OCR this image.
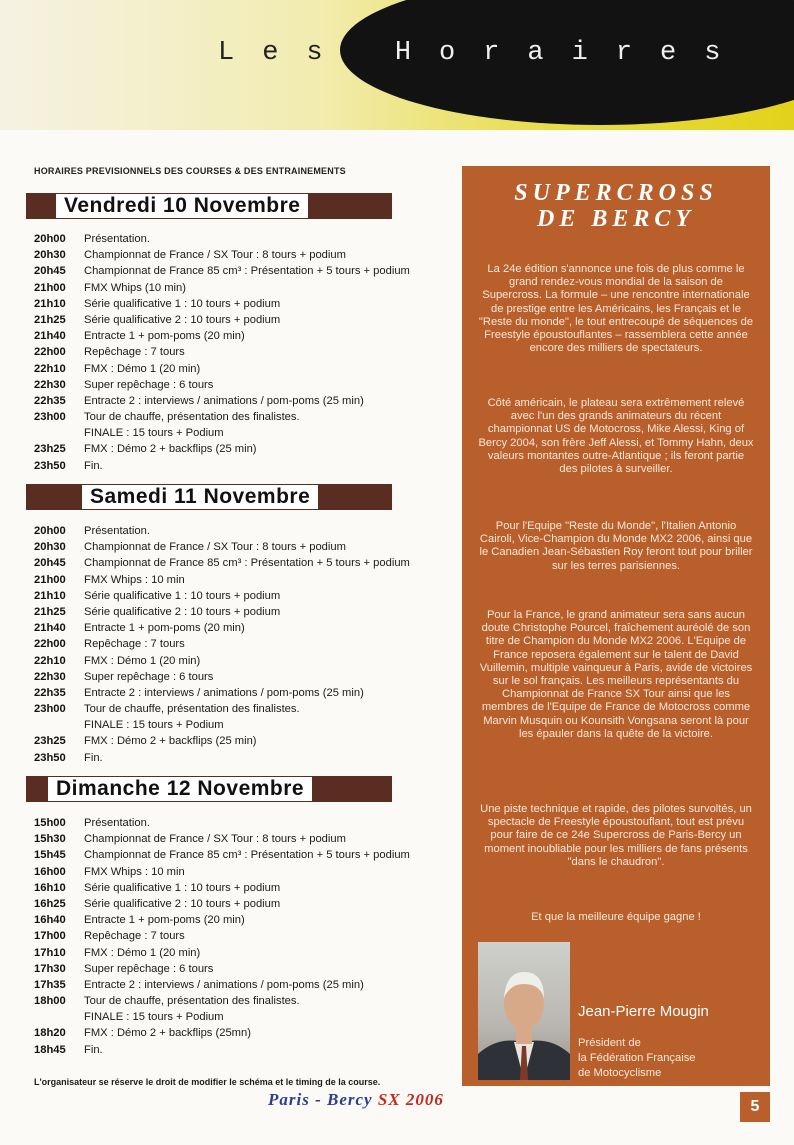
Les Horaires
HORAIRES PREVISIONNELS DES COURSES & DES ENTRAINEMENTS
Vendredi 10 Novembre
20h00 Présentation.
20h30 Championnat de France / SX Tour : 8 tours + podium
20h45 Championnat de France 85 cm³ : Présentation + 5 tours + podium
21h00 FMX Whips (10 min)
21h10 Série qualificative 1 : 10 tours + podium
21h25 Série qualificative 2 : 10 tours + podium
21h40 Entracte 1 + pom-poms (20 min)
22h00 Repêchage : 7 tours
22h10 FMX : Démo 1 (20 min)
22h30 Super repêchage : 6 tours
22h35 Entracte 2 : interviews / animations / pom-poms (25 min)
23h00 Tour de chauffe, présentation des finalistes.
FINALE : 15 tours + Podium
23h25 FMX : Démo 2 + backflips (25 min)
23h50 Fin.
Samedi 11 Novembre
20h00 Présentation.
20h30 Championnat de France / SX Tour : 8 tours + podium
20h45 Championnat de France 85 cm³ : Présentation + 5 tours + podium
21h00 FMX Whips : 10 min
21h10 Série qualificative 1 : 10 tours + podium
21h25 Série qualificative 2 : 10 tours + podium
21h40 Entracte 1 + pom-poms (20 min)
22h00 Repêchage : 7 tours
22h10 FMX : Démo 1 (20 min)
22h30 Super repêchage : 6 tours
22h35 Entracte 2 : interviews / animations / pom-poms (25 min)
23h00 Tour de chauffe, présentation des finalistes.
FINALE : 15 tours + Podium
23h25 FMX : Démo 2 + backflips (25 min)
23h50 Fin.
Dimanche 12 Novembre
15h00 Présentation.
15h30 Championnat de France / SX Tour : 8 tours + podium
15h45 Championnat de France 85 cm³ : Présentation + 5 tours + podium
16h00 FMX Whips : 10 min
16h10 Série qualificative 1 : 10 tours + podium
16h25 Série qualificative 2 : 10 tours + podium
16h40 Entracte 1 + pom-poms (20 min)
17h00 Repêchage : 7 tours
17h10 FMX : Démo 1 (20 min)
17h30 Super repêchage : 6 tours
17h35 Entracte 2 : interviews / animations / pom-poms (25 min)
18h00 Tour de chauffe, présentation des finalistes.
FINALE : 15 tours + Podium
18h20 FMX : Démo 2 + backflips (25mn)
18h45 Fin.
L'organisateur se réserve le droit de modifier le schéma et le timing de la course.
Paris - Bercy SX 2006	5
SUPERCROSS
DE BERCY
La 24e édition s'annonce une fois de plus comme le grand rendez-vous mondial de la saison de Supercross. La formule – une rencontre internationale de prestige entre les Américains, les Français et le "Reste du monde", le tout entrecoupé de séquences de Freestyle époustouflantes – rassemblera cette année encore des milliers de spectateurs.
Côté américain, le plateau sera extrêmement relevé avec l'un des grands animateurs du récent championnat US de Motocross, Mike Alessi, King of Bercy 2004, son frère Jeff Alessi, et Tommy Hahn, deux valeurs montantes outre-Atlantique ; ils feront partie des pilotes à surveiller.
Pour l'Equipe "Reste du Monde", l'Italien Antonio Cairoli, Vice-Champion du Monde MX2 2006, ainsi que le Canadien Jean-Sébastien Roy feront tout pour briller sur les terres parisiennes.
Pour la France, le grand animateur sera sans aucun doute Christophe Pourcel, fraîchement auréolé de son titre de Champion du Monde MX2 2006. L'Equipe de France reposera également sur le talent de David Vuillemin, multiple vainqueur à Paris, avide de victoires sur le sol français. Les meilleurs représentants du Championnat de France SX Tour ainsi que les membres de l'Equipe de France de Motocross comme Marvin Musquin ou Kounsith Vongsana seront là pour les épauler dans la quête de la victoire.
Une piste technique et rapide, des pilotes survoltés, un spectacle de Freestyle époustouflant, tout est prévu pour faire de ce 24e Supercross de Paris-Bercy un moment inoubliable pour les milliers de fans présents "dans le chaudron".
Et que la meilleure équipe gagne !
Jean-Pierre Mougin
Président de
la Fédération Française
de Motocyclisme
